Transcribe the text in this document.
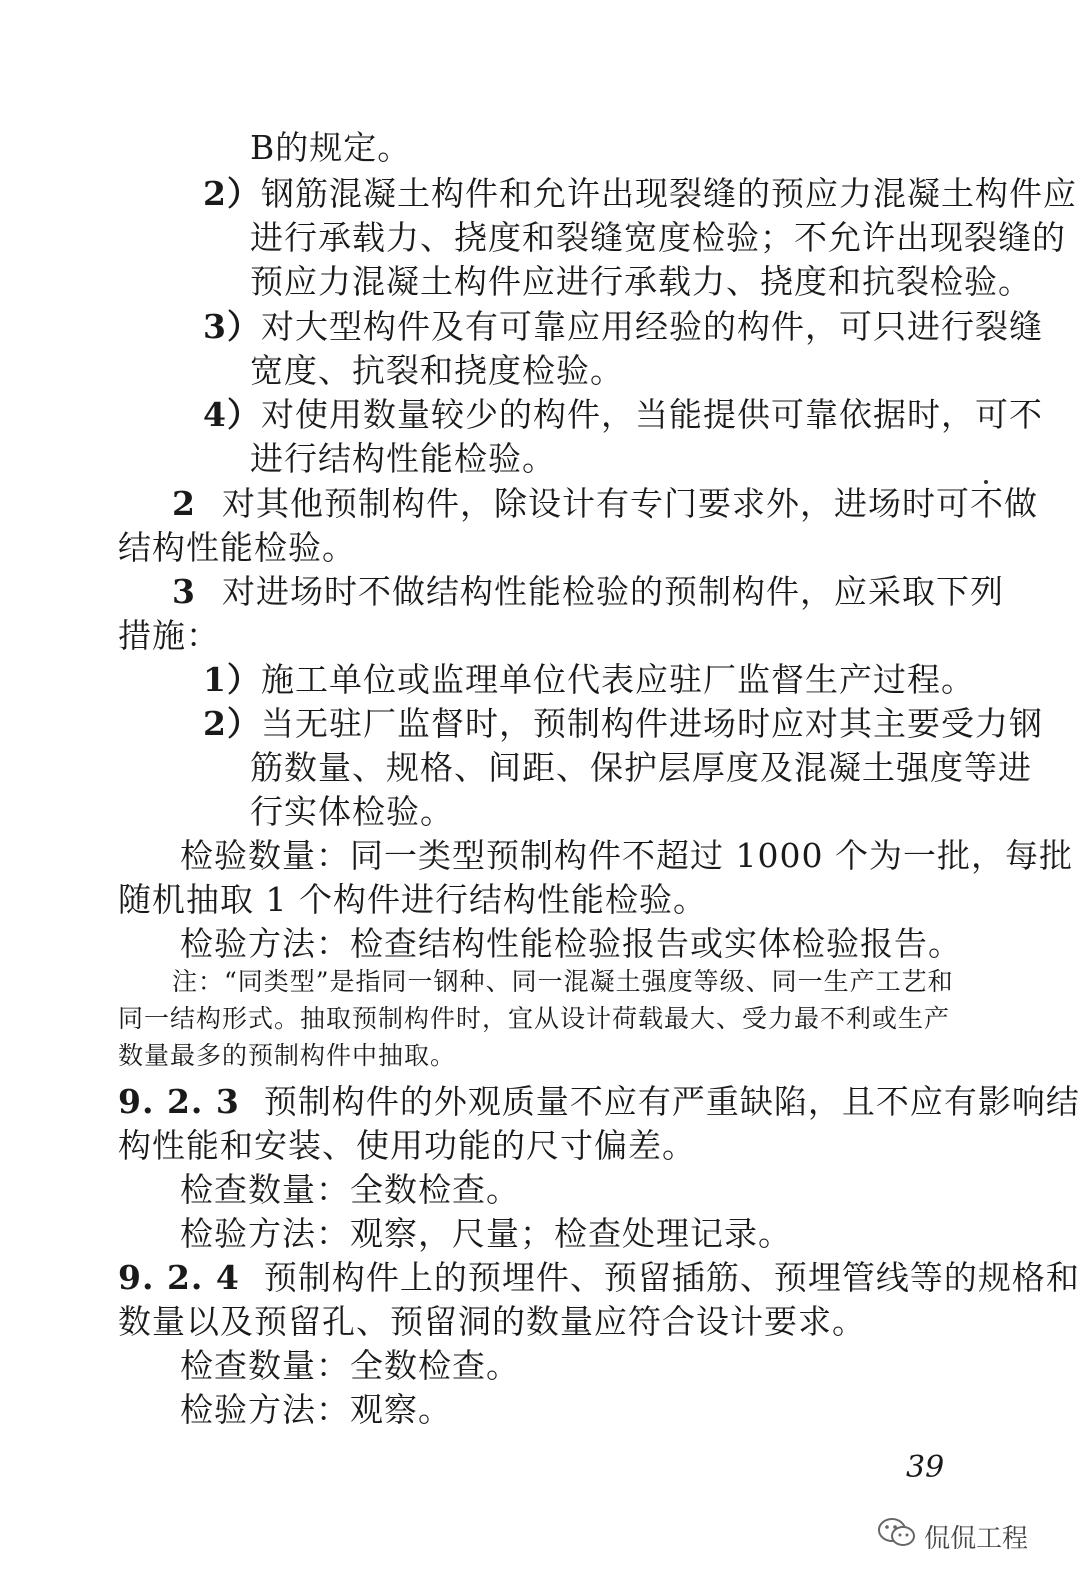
B的规定。
2）钢筋混凝土构件和允许出现裂缝的预应力混凝土构件应
进行承载力、挠度和裂缝宽度检验；不允许出现裂缝的
预应力混凝土构件应进行承载力、挠度和抗裂检验。
3）对大型构件及有可靠应用经验的构件，可只进行裂缝
宽度、抗裂和挠度检验。
4）对使用数量较少的构件，当能提供可靠依据时，可不
进行结构性能检验。
2 对其他预制构件，除设计有专门要求外，进场时可不做
结构性能检验。
3 对进场时不做结构性能检验的预制构件，应采取下列
措施：
1）施工单位或监理单位代表应驻厂监督生产过程。
2）当无驻厂监督时，预制构件进场时应对其主要受力钢
筋数量、规格、间距、保护层厚度及混凝土强度等进
行实体检验。
检验数量：同一类型预制构件不超过 1000 个为一批，每批
随机抽取 1 个构件进行结构性能检验。
检验方法：检查结构性能检验报告或实体检验报告。
注：“同类型”是指同一钢种、同一混凝土强度等级、同一生产工艺和
同一结构形式。抽取预制构件时，宜从设计荷载最大、受力最不利或生产
数量最多的预制构件中抽取。
9. 2. 3 预制构件的外观质量不应有严重缺陷，且不应有影响结
构性能和安装、使用功能的尺寸偏差。
检查数量：全数检查。
检验方法：观察，尺量；检查处理记录。
9. 2. 4 预制构件上的预埋件、预留插筋、预埋管线等的规格和
数量以及预留孔、预留洞的数量应符合设计要求。
检查数量：全数检查。
检验方法：观察。
39
侃侃工程
